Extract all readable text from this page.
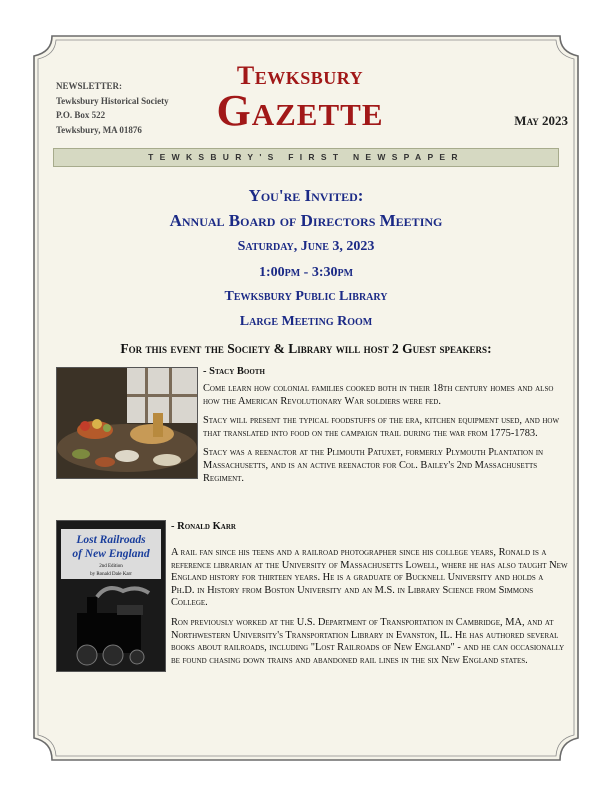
NEWSLETTER:
Tewksbury Historical Society
P.O. Box 522
Tewksbury, MA 01876
Tewksbury
Gazette	May 2023
TEWKSBURY'S FIRST NEWSPAPER
You're Invited:
Annual Board of Directors Meeting
Saturday, June 3, 2023
1:00pm - 3:30pm
Tewksbury Public Library
Large Meeting Room
For this event the Society & Library will host 2 Guest speakers:
- Stacy Booth

Come learn how colonial families cooked both in their 18th century homes and also how the American Revolutionary War soldiers were fed.

Stacy will present the typical foodstuffs of the era, kitchen equipment used, and how that translated into food on the campaign trail during the war from 1775-1783.

Stacy was a reenactor at the Plimouth Patuxet, formerly Plymouth Plantation in Massachusetts, and is an active reenactor for Col. Bailey's 2nd Massachusetts Regiment.

Lost Railroads
of New England
2nd Edition
by Ronald Dale Karr
- Ronald Karr

A rail fan since his teens and a railroad photographer since his college years, Ronald is a reference librarian at the University of Massachusetts Lowell, where he has also taught New England history for thirteen years. He is a graduate of Bucknell University and holds a Ph.D. in History from Boston University and an M.S. in Library Science from Simmons College.

Ron previously worked at the U.S. Department of Transportation in Cambridge, MA, and at Northwestern University's Transportation Library in Evanston, IL. He has authored several books about railroads, including "Lost Railroads of New England" - and he can occasionally be found chasing down trains and abandoned rail lines in the six New England states.
